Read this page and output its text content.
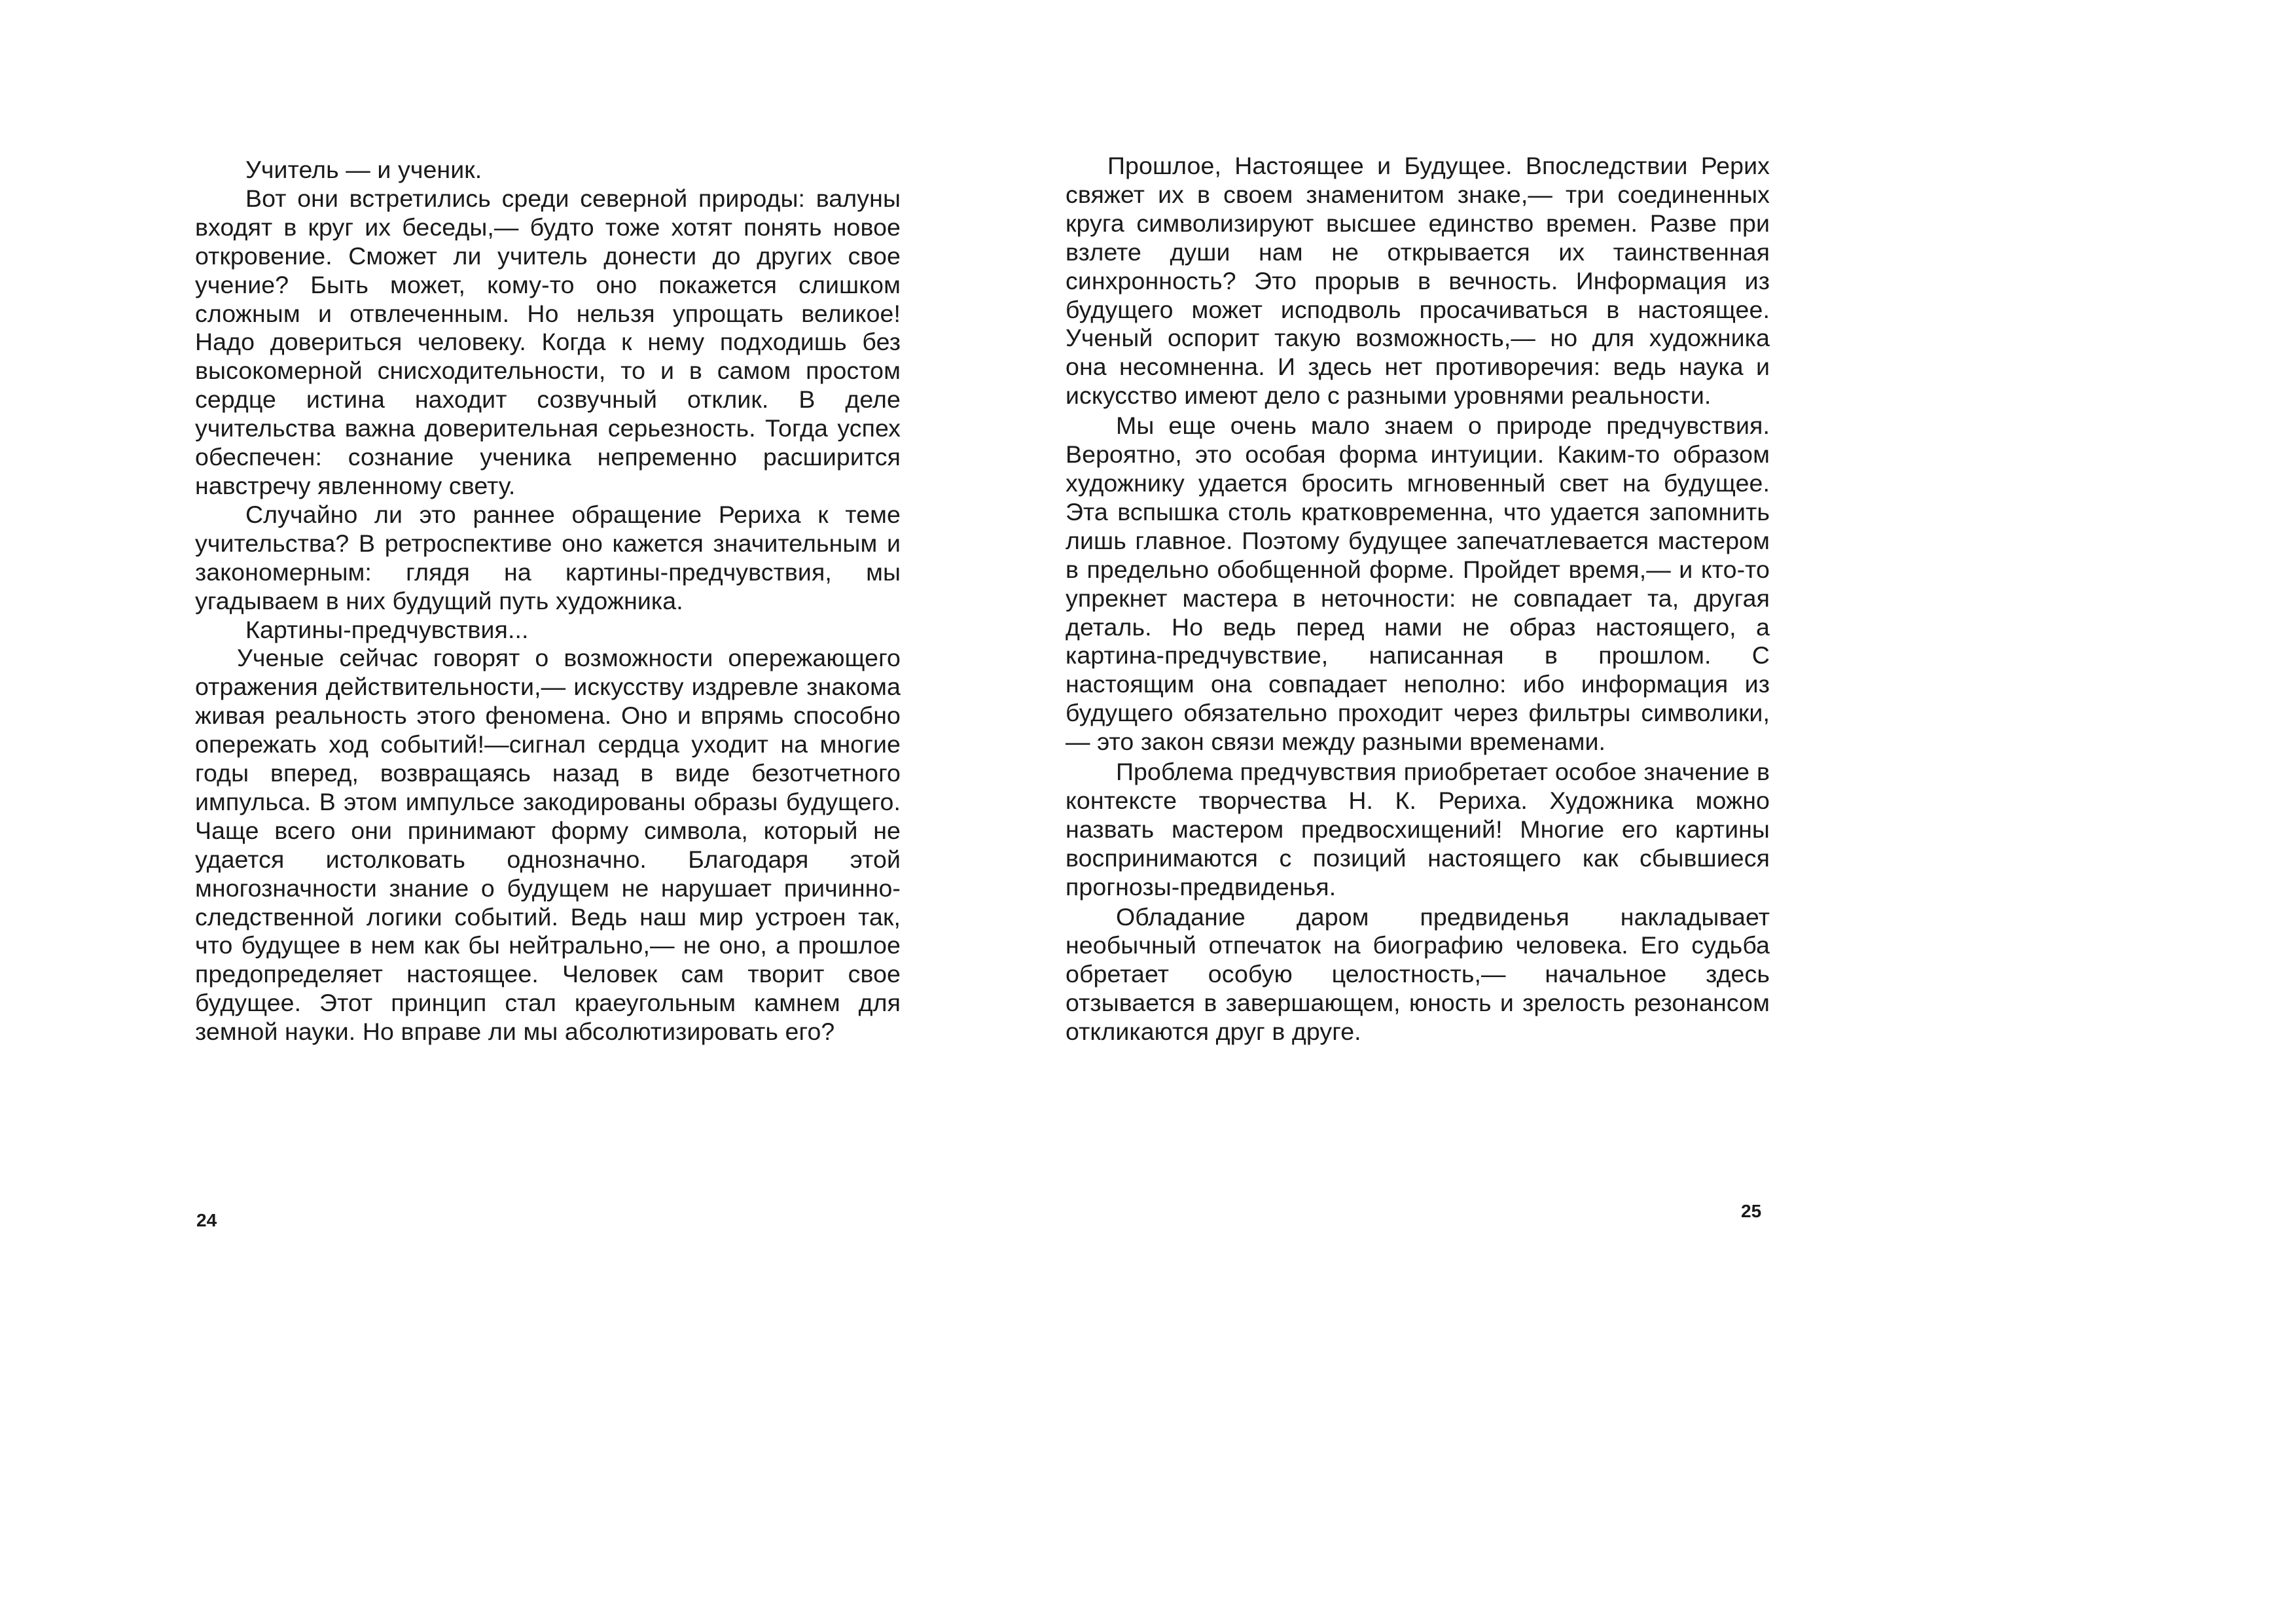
Учитель — и ученик.

Вот они встретились среди северной природы: валуны входят в круг их беседы,— будто тоже хотят понять новое откровение. Сможет ли учитель донести до других свое учение? Быть может, кому-то оно покажется слишком сложным и отвлеченным. Но нельзя упрощать великое! Надо довериться человеку. Когда к нему подходишь без высокомерной снисходительности, то и в самом простом сердце истина находит созвучный отклик. В деле учительства важна доверительная серьезность. Тогда успех обеспечен: сознание ученика непременно расширится навстречу явленному свету.

Случайно ли это раннее обращение Рериха к теме учительства? В ретроспективе оно кажется значительным и закономерным: глядя на картины-предчувствия, мы угадываем в них будущий путь художника.

Картины-предчувствия...

Ученые сейчас говорят о возможности опережающего отражения действительности,— искусству издревле знакома живая реальность этого феномена. Оно и впрямь способно опережать ход событий!—сигнал сердца уходит на многие годы вперед, возвращаясь назад в виде безотчетного импульса. В этом импульсе закодированы образы будущего. Чаще всего они принимают форму символа, который не удается истолковать однозначно. Благодаря этой многозначности знание о будущем не нарушает причинно-следственной логики событий. Ведь наш мир устроен так, что будущее в нем как бы нейтрально,— не оно, а прошлое предопределяет настоящее. Человек сам творит свое будущее. Этот принцип стал краеугольным камнем для земной науки. Но вправе ли мы абсолютизировать его?

24

Прошлое, Настоящее и Будущее. Впоследствии Рерих свяжет их в своем знаменитом знаке,— три соединенных круга символизируют высшее единство времен. Разве при взлете души нам не открывается их таинственная синхронность? Это прорыв в вечность. Информация из будущего может исподволь просачиваться в настоящее. Ученый оспорит такую возможность,— но для художника она несомненна. И здесь нет противоречия: ведь наука и искусство имеют дело с разными уровнями реальности.

Мы еще очень мало знаем о природе предчувствия. Вероятно, это особая форма интуиции. Каким-то образом художнику удается бросить мгновенный свет на будущее. Эта вспышка столь кратковременна, что удается запомнить лишь главное. Поэтому будущее запечатлевается мастером в предельно обобщенной форме. Пройдет время,— и кто-то упрекнет мастера в неточности: не совпадает та, другая деталь. Но ведь перед нами не образ настоящего, а картина-предчувствие, написанная в прошлом. С настоящим она совпадает неполно: ибо информация из будущего обязательно проходит через фильтры символики,— это закон связи между разными временами.

Проблема предчувствия приобретает особое значение в контексте творчества Н. К. Рериха. Художника можно назвать мастером предвосхищений! Многие его картины воспринимаются с позиций настоящего как сбывшиеся прогнозы-предвиденья.

Обладание даром предвиденья накладывает необычный отпечаток на биографию человека. Его судьба обретает особую целостность,— начальное здесь отзывается в завершающем, юность и зрелость резонансом откликаются друг в друге.

25
